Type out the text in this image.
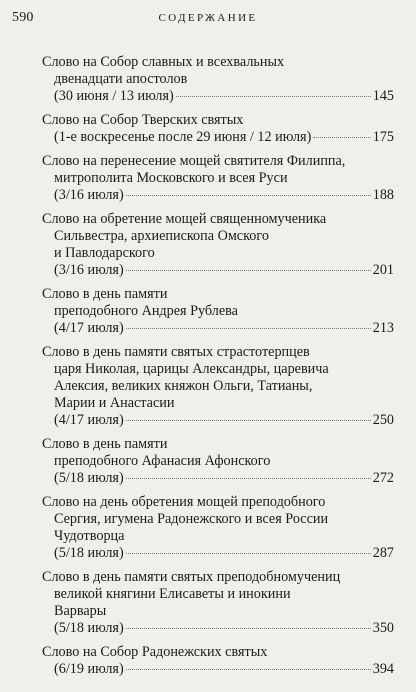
590	СОДЕРЖАНИЕ
Слово на Собор славных и всехвальных
двенадцати апостолов
(30 июня / 13 июля)	145
Слово на Собор Тверских святых
(1-е воскресенье после 29 июня / 12 июля)	175
Слово на перенесение мощей святителя Филиппа,
митрополита Московского и всея Руси
(3/16 июля)	188
Слово на обретение мощей священномученика
Сильвестра, архиепископа Омского
и Павлодарского
(3/16 июля)	201
Слово в день памяти
преподобного Андрея Рублева
(4/17 июля)	213
Слово в день памяти святых страстотерпцев
царя Николая, царицы Александры, царевича
Алексия, великих княжон Ольги, Татианы,
Марии и Анастасии
(4/17 июля)	250
Слово в день памяти
преподобного Афанасия Афонского
(5/18 июля)	272
Слово на день обретения мощей преподобного
Сергия, игумена Радонежского и всея России
Чудотворца
(5/18 июля)	287
Слово в день памяти святых преподобномучениц
великой княгини Елисаветы и инокини
Варвары
(5/18 июля)	350
Слово на Собор Радонежских святых
(6/19 июля)	394
